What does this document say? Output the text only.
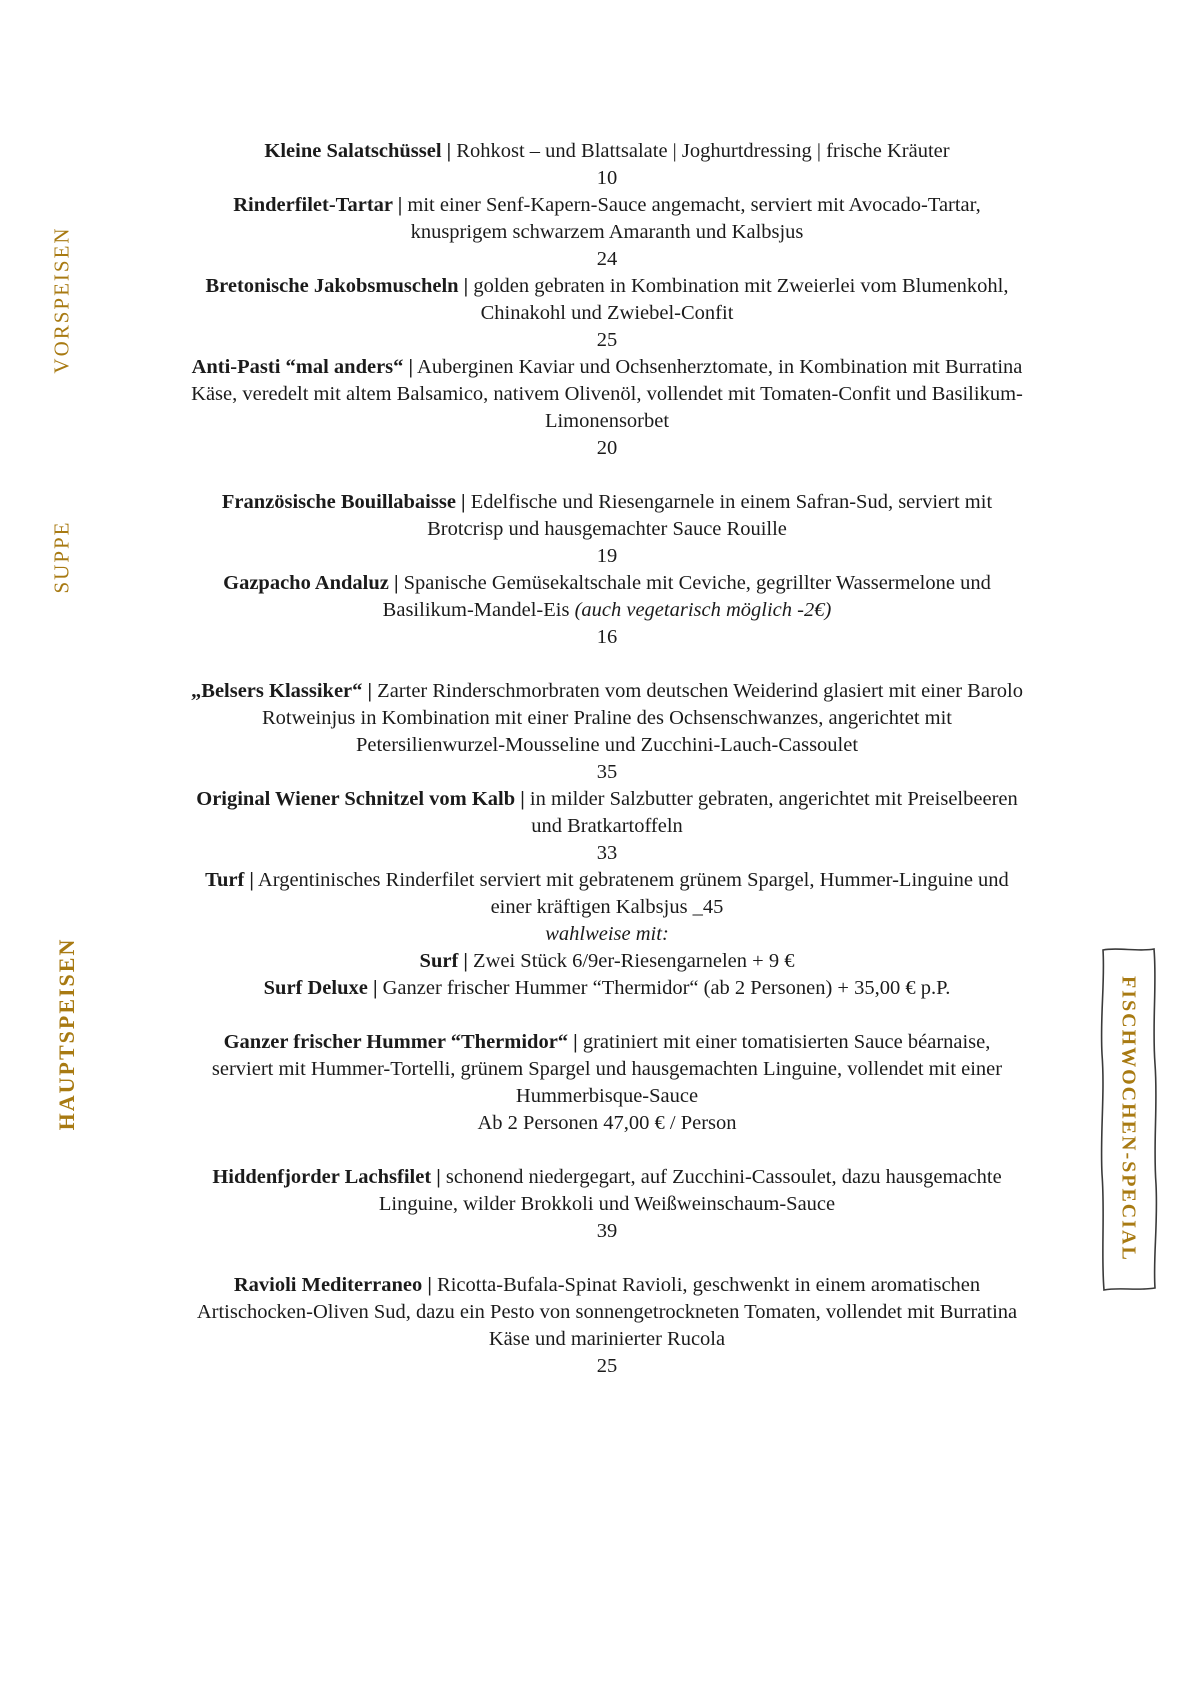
VORSPEISEN
SUPPE
HAUPTSPEISEN	FISCHWOCHEN-SPECIAL

Kleine Salatschüssel | Rohkost – und Blattsalate | Joghurtdressing | frische Kräuter

10

Rinderfilet-Tartar | mit einer Senf-Kapern-Sauce angemacht, serviert mit Avocado-Tartar, knusprigem schwarzem Amaranth und Kalbsjus

24

Bretonische Jakobsmuscheln | golden gebraten in Kombination mit Zweierlei vom Blumenkohl, Chinakohl und Zwiebel-Confit

25

Anti-Pasti “mal anders“ | Auberginen Kaviar und Ochsenherztomate, in Kombination mit Burratina Käse, veredelt mit altem Balsamico, nativem Olivenöl, vollendet mit Tomaten-Confit und Basilikum-Limonensorbet

20

Französische Bouillabaisse | Edelfische und Riesengarnele in einem Safran-Sud, serviert mit Brotcrisp und hausgemachter Sauce Rouille

19

Gazpacho Andaluz | Spanische Gemüsekaltschale mit Ceviche, gegrillter Wassermelone und Basilikum-Mandel-Eis (auch vegetarisch möglich -2€)

16

„Belsers Klassiker“ | Zarter Rinderschmorbraten vom deutschen Weiderind glasiert mit einer Barolo Rotweinjus in Kombination mit einer Praline des Ochsenschwanzes, angerichtet mit Petersilienwurzel-Mousseline und Zucchini-Lauch-Cassoulet

35

Original Wiener Schnitzel vom Kalb | in milder Salzbutter gebraten, angerichtet mit Preiselbeeren und Bratkartoffeln

33

Turf | Argentinisches Rinderfilet serviert mit gebratenem grünem Spargel, Hummer-Linguine und einer kräftigen Kalbsjus _45

wahlweise mit:

Surf | Zwei Stück 6/9er-Riesengarnelen + 9 €

Surf Deluxe | Ganzer frischer Hummer “Thermidor“ (ab 2 Personen) + 35,00 € p.P.

Ganzer frischer Hummer “Thermidor“ | gratiniert mit einer tomatisierten Sauce béarnaise, serviert mit Hummer-Tortelli, grünem Spargel und hausgemachten Linguine, vollendet mit einer Hummerbisque-Sauce

Ab 2 Personen 47,00 € / Person

Hiddenfjorder Lachsfilet | schonend niedergegart, auf Zucchini-Cassoulet, dazu hausgemachte Linguine, wilder Brokkoli und Weißweinschaum-Sauce

39

Ravioli Mediterraneo | Ricotta-Bufala-Spinat Ravioli, geschwenkt in einem aromatischen Artischocken-Oliven Sud, dazu ein Pesto von sonnengetrockneten Tomaten, vollendet mit Burratina Käse und marinierter Rucola

25
